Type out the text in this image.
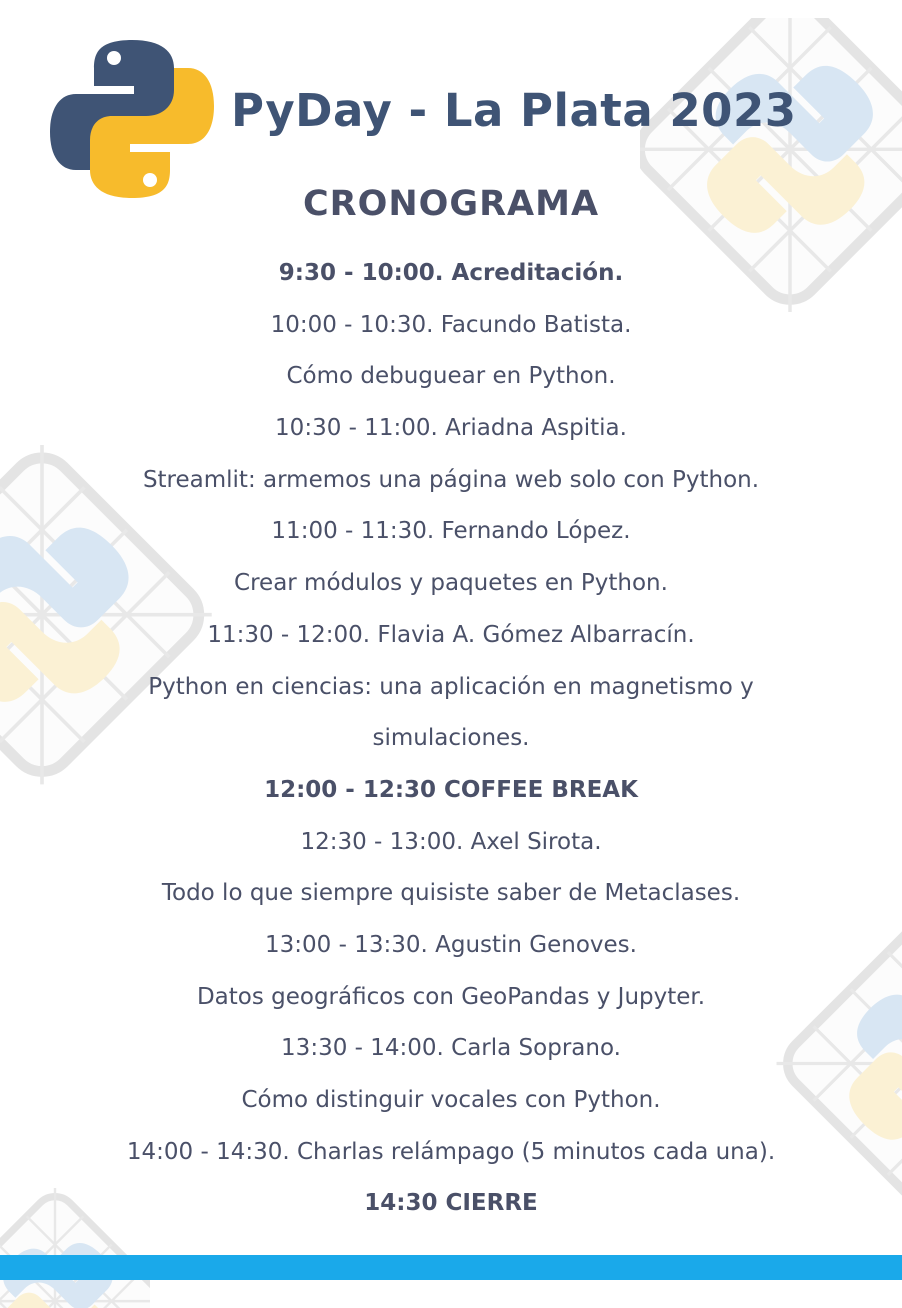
PyDay - La Plata 2023
CRONOGRAMA
9:30 - 10:00. Acreditación.
10:00 - 10:30. Facundo Batista.
Cómo debuguear en Python.
10:30 - 11:00. Ariadna Aspitia.
Streamlit: armemos una página web solo con Python.
11:00 - 11:30. Fernando López.
Crear módulos y paquetes en Python.
11:30 - 12:00. Flavia A. Gómez Albarracín.
Python en ciencias: una aplicación en magnetismo y
simulaciones.
12:00 - 12:30 COFFEE BREAK
12:30 - 13:00. Axel Sirota.
Todo lo que siempre quisiste saber de Metaclases.
13:00 - 13:30. Agustin Genoves.
Datos geográficos con GeoPandas y Jupyter.
13:30 - 14:00. Carla Soprano.
Cómo distinguir vocales con Python.
14:00 - 14:30. Charlas relámpago (5 minutos cada una).
14:30 CIERRE
